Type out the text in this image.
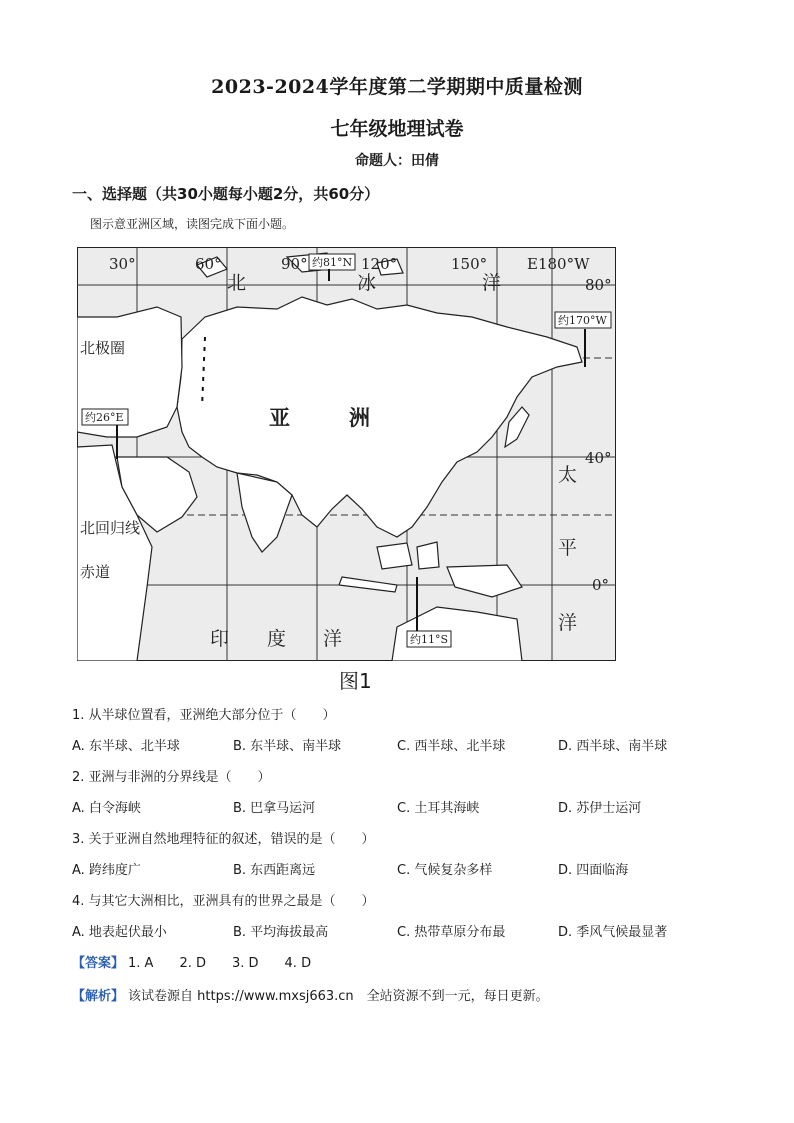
2023-2024学年度第二学期期中质量检测
七年级地理试卷
命题人：田倩
一、选择题（共30小题每小题2分，共60分）
图示意亚洲区域，读图完成下面小题。
30°	60°	90°	120°	150°	E180°W
80°
40°
0°
北极圈
北回归线
赤道
约81°N
约170°W
约26°E
约11°S
北	冰	洋
太
平
洋
印 度 洋
亚	洲
图1
1. 从半球位置看，亚洲绝大部分位于（　　）
A. 东半球、北半球	B. 东半球、南半球	C. 西半球、北半球	D. 西半球、南半球
2. 亚洲与非洲的分界线是（　　）
A. 白令海峡	B. 巴拿马运河	C. 土耳其海峡	D. 苏伊士运河
3. 关于亚洲自然地理特征的叙述，错误的是（　　）
A. 跨纬度广	B. 东西距离远	C. 气候复杂多样	D. 四面临海
4. 与其它大洲相比，亚洲具有的世界之最是（　　）
A. 地表起伏最小	B. 平均海拔最高	C. 热带草原分布最	D. 季风气候最显著
【答案】 1. A　　2. D　　3. D　　4. D
【解析】 该试卷源自 https://www.mxsj663.cn　全站资源不到一元，每日更新。
